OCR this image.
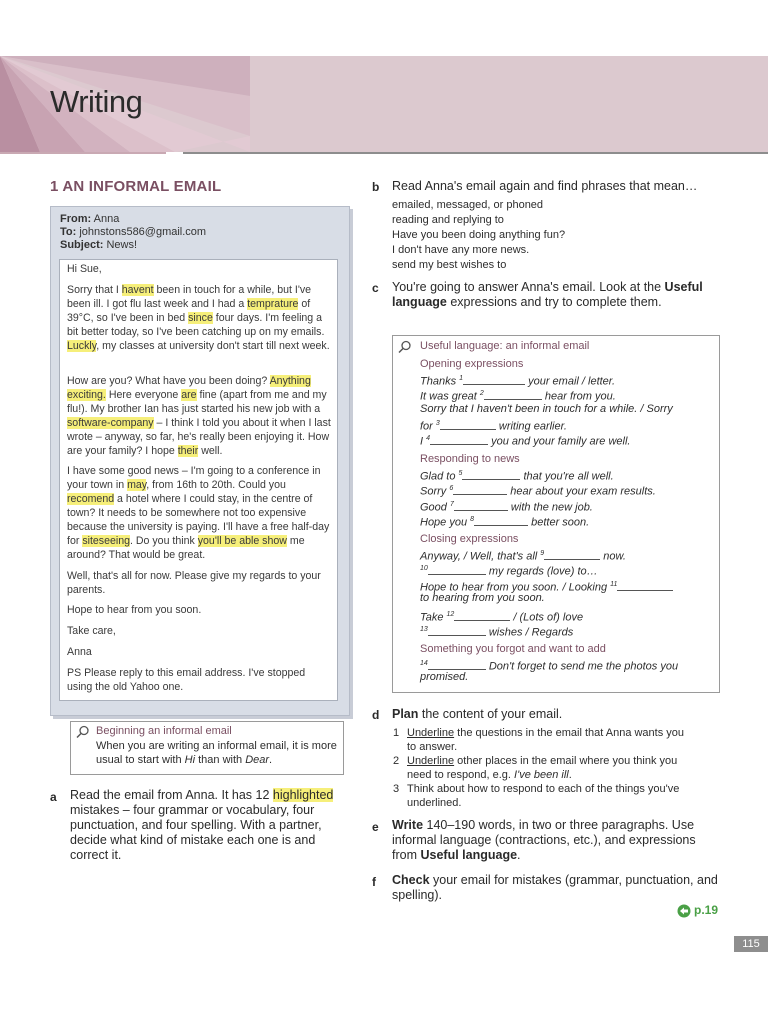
Writing
1 AN INFORMAL EMAIL
From: Anna
To: johnstons586@gmail.com
Subject: News!
Hi Sue,
Sorry that I havent been in touch for a while, but I've been ill. I got flu last week and I had a temprature of 39°C, so I've been in bed since four days. I'm feeling a bit better today, so I've been catching up on my emails. Luckly, my classes at university don't start till next week.
How are you? What have you been doing? Anything exciting. Here everyone are fine (apart from me and my flu!). My brother Ian has just started his new job with a software-company – I think I told you about it when I last wrote – anyway, so far, he's really been enjoying it. How are your family? I hope their well.
I have some good news – I'm going to a conference in your town in may, from 16th to 20th. Could you recomend a hotel where I could stay, in the centre of town? It needs to be somewhere not too expensive because the university is paying. I'll have a free half-day for siteseeing. Do you think you'll be able show me around? That would be great.
Well, that's all for now. Please give my regards to your parents.
Hope to hear from you soon.
Take care,
Anna
PS Please reply to this email address. I've stopped using the old Yahoo one.
Beginning an informal email
When you are writing an informal email, it is more usual to start with Hi than with Dear.
a Read the email from Anna. It has 12 highlighted mistakes – four grammar or vocabulary, four punctuation, and four spelling. With a partner, decide what kind of mistake each one is and correct it.
b Read Anna's email again and find phrases that mean…
emailed, messaged, or phoned
reading and replying to
Have you been doing anything fun?
I don't have any more news.
send my best wishes to
c You're going to answer Anna's email. Look at the Useful language expressions and try to complete them.
Useful language: an informal email
Opening expressions
Thanks $^1$	your email / letter.
It was great $^2$	hear from you.
Sorry that I haven't been in touch for a while. / Sorry
for $^3$	writing earlier.
I $^4$	you and your family are well.
Responding to news
Glad to $^5$	that you're all well.
Sorry $^6$	hear about your exam results.
Good $^7$	with the new job.
Hope you $^8$	better soon.
Closing expressions
Anyway, / Well, that's all $^9$	now.
$^{10}$	my regards (love) to…
Hope to hear from you soon. / Looking $^{11}$
to hearing from you soon.
Take $^{12}$	/ (Lots of) love
$^{13}$	wishes / Regards
Something you forgot and want to add
$^{14}$	Don't forget to send me the photos you
promised.
d Plan the content of your email.
1 Underline the questions in the email that Anna wants you
to answer.
2 Underline other places in the email where you think you
need to respond, e.g. I've been ill.
3 Think about how to respond to each of the things you've
underlined.
e Write 140–190 words, in two or three paragraphs. Use informal language (contractions, etc.), and expressions from Useful language.
f Check your email for mistakes (grammar, punctuation, and spelling).
p.19
115
